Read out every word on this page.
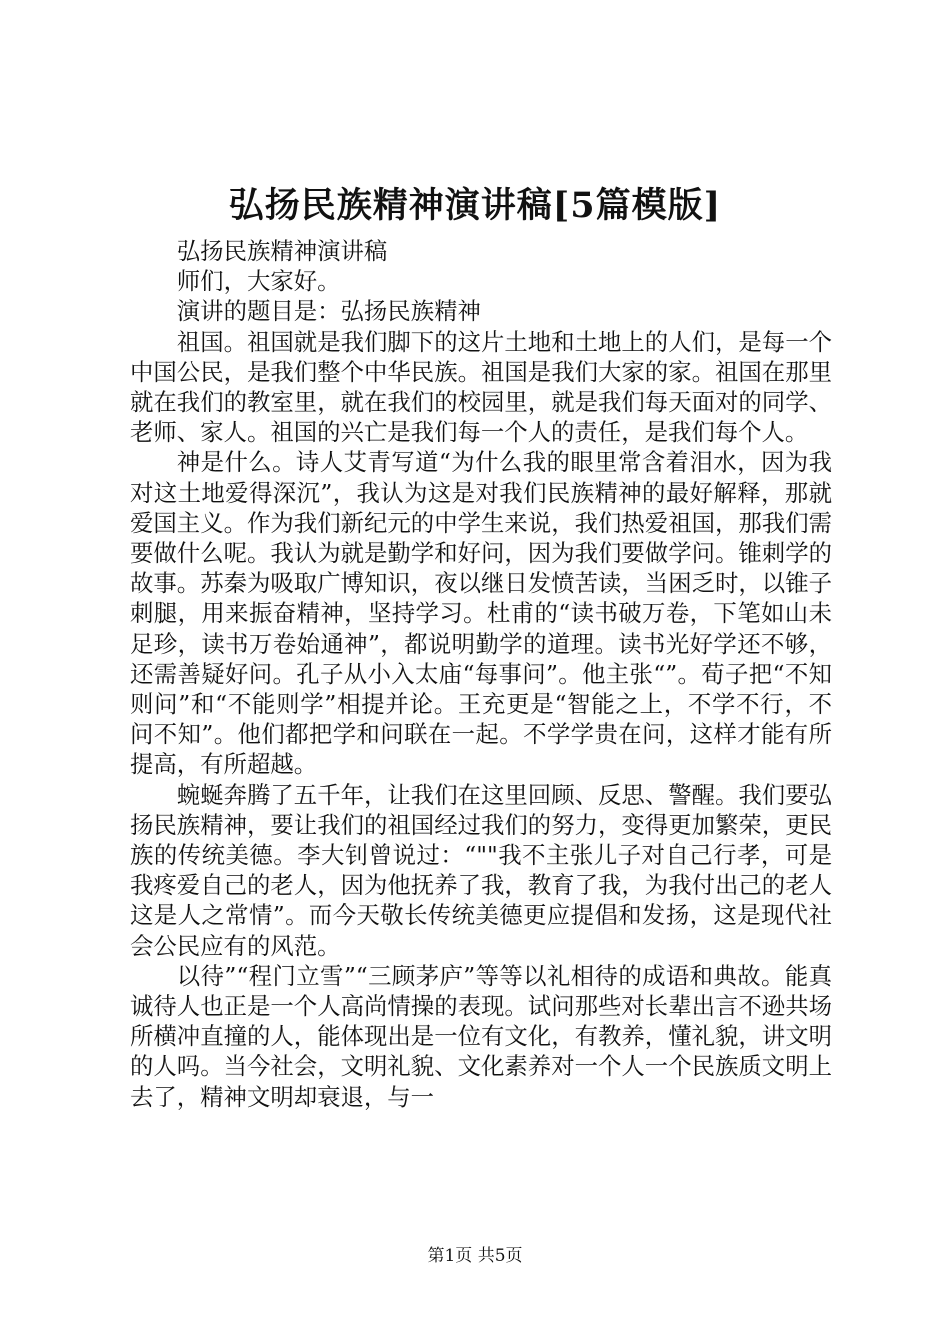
弘扬民族精神演讲稿[5篇模版]

弘扬民族精神演讲稿

师们，大家好。

演讲的题目是：弘扬民族精神

祖国。祖国就是我们脚下的这片土地和土地上的人们，是每一个中国公民，是我们整个中华民族。祖国是我们大家的家。祖国在那里就在我们的教室里，就在我们的校园里，就是我们每天面对的同学、老师、家人。祖国的兴亡是我们每一个人的责任，是我们每个人。

神是什么。诗人艾青写道“为什么我的眼里常含着泪水，因为我对这土地爱得深沉”，我认为这是对我们民族精神的最好解释，那就爱国主义。作为我们新纪元的中学生来说，我们热爱祖国，那我们需要做什么呢。我认为就是勤学和好问，因为我们要做学问。锥刺学的故事。苏秦为吸取广博知识，夜以继日发愤苦读，当困乏时，以锥子刺腿，用来振奋精神，坚持学习。杜甫的“读书破万卷，下笔如山未足珍，读书万卷始通神”，都说明勤学的道理。读书光好学还不够，还需善疑好问。孔子从小入太庙“每事问”。他主张“”。荀子把“不知则问”和“不能则学”相提并论。王充更是“智能之上，不学不行，不问不知”。他们都把学和问联在一起。不学学贵在问，这样才能有所提高，有所超越。

蜿蜒奔腾了五千年，让我们在这里回顾、反思、警醒。我们要弘扬民族精神，要让我们的祖国经过我们的努力，变得更加繁荣，更民族的传统美德。李大钊曾说过：“""我不主张儿子对自己行孝，可是我疼爱自己的老人，因为他抚养了我，教育了我，为我付出己的老人这是人之常情”。而今天敬长传统美德更应提倡和发扬，这是现代社会公民应有的风范。

以待”“程门立雪”“三顾茅庐”等等以礼相待的成语和典故。能真诚待人也正是一个人高尚情操的表现。试问那些对长辈出言不逊共场所横冲直撞的人，能体现出是一位有文化，有教养，懂礼貌，讲文明的人吗。当今社会，文明礼貌、文化素养对一个人一个民族质文明上去了，精神文明却衰退，与一

第1页 共5页
